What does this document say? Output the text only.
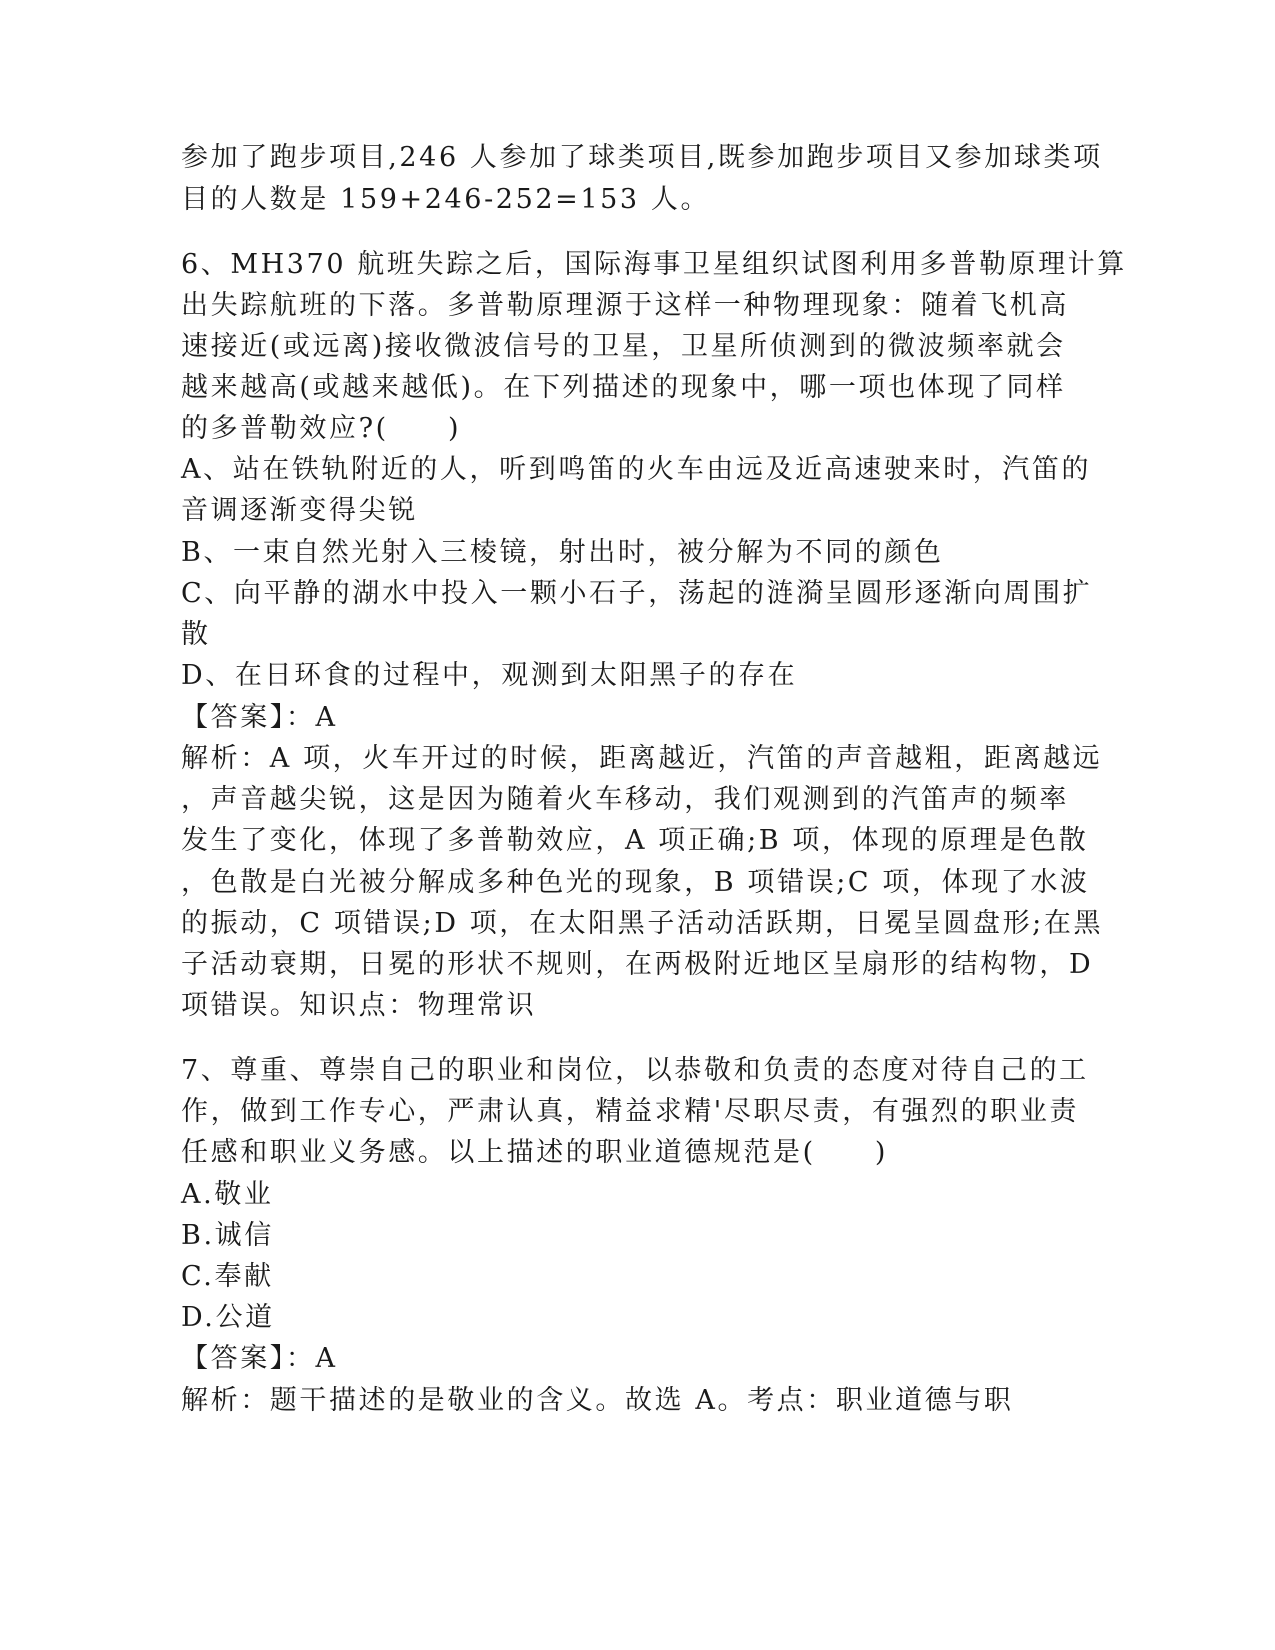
参加了跑步项目,246 人参加了球类项目,既参加跑步项目又参加球类项
目的人数是 159+246-252=153 人。
6、MH370 航班失踪之后，国际海事卫星组织试图利用多普勒原理计算
出失踪航班的下落。多普勒原理源于这样一种物理现象：随着飞机高
速接近(或远离)接收微波信号的卫星，卫星所侦测到的微波频率就会
越来越高(或越来越低)。在下列描述的现象中，哪一项也体现了同样
的多普勒效应?(　　)
A、站在铁轨附近的人，听到鸣笛的火车由远及近高速驶来时，汽笛的
音调逐渐变得尖锐
B、一束自然光射入三棱镜，射出时，被分解为不同的颜色
C、向平静的湖水中投入一颗小石子，荡起的涟漪呈圆形逐渐向周围扩
散
D、在日环食的过程中，观测到太阳黑子的存在
【答案】：A
解析：A 项，火车开过的时候，距离越近，汽笛的声音越粗，距离越远
，声音越尖锐，这是因为随着火车移动，我们观测到的汽笛声的频率
发生了变化，体现了多普勒效应，A 项正确;B 项，体现的原理是色散
，色散是白光被分解成多种色光的现象，B 项错误;C 项，体现了水波
的振动，C 项错误;D 项，在太阳黑子活动活跃期，日冕呈圆盘形;在黑
子活动衰期，日冕的形状不规则，在两极附近地区呈扇形的结构物，D
项错误。知识点：物理常识
7、尊重、尊崇自己的职业和岗位，以恭敬和负责的态度对待自己的工
作，做到工作专心，严肃认真，精益求精'尽职尽责，有强烈的职业责
任感和职业义务感。以上描述的职业道德规范是(　　)
A.敬业
B.诚信
C.奉献
D.公道
【答案】：A
解析：题干描述的是敬业的含义。故选 A。考点：职业道德与职
